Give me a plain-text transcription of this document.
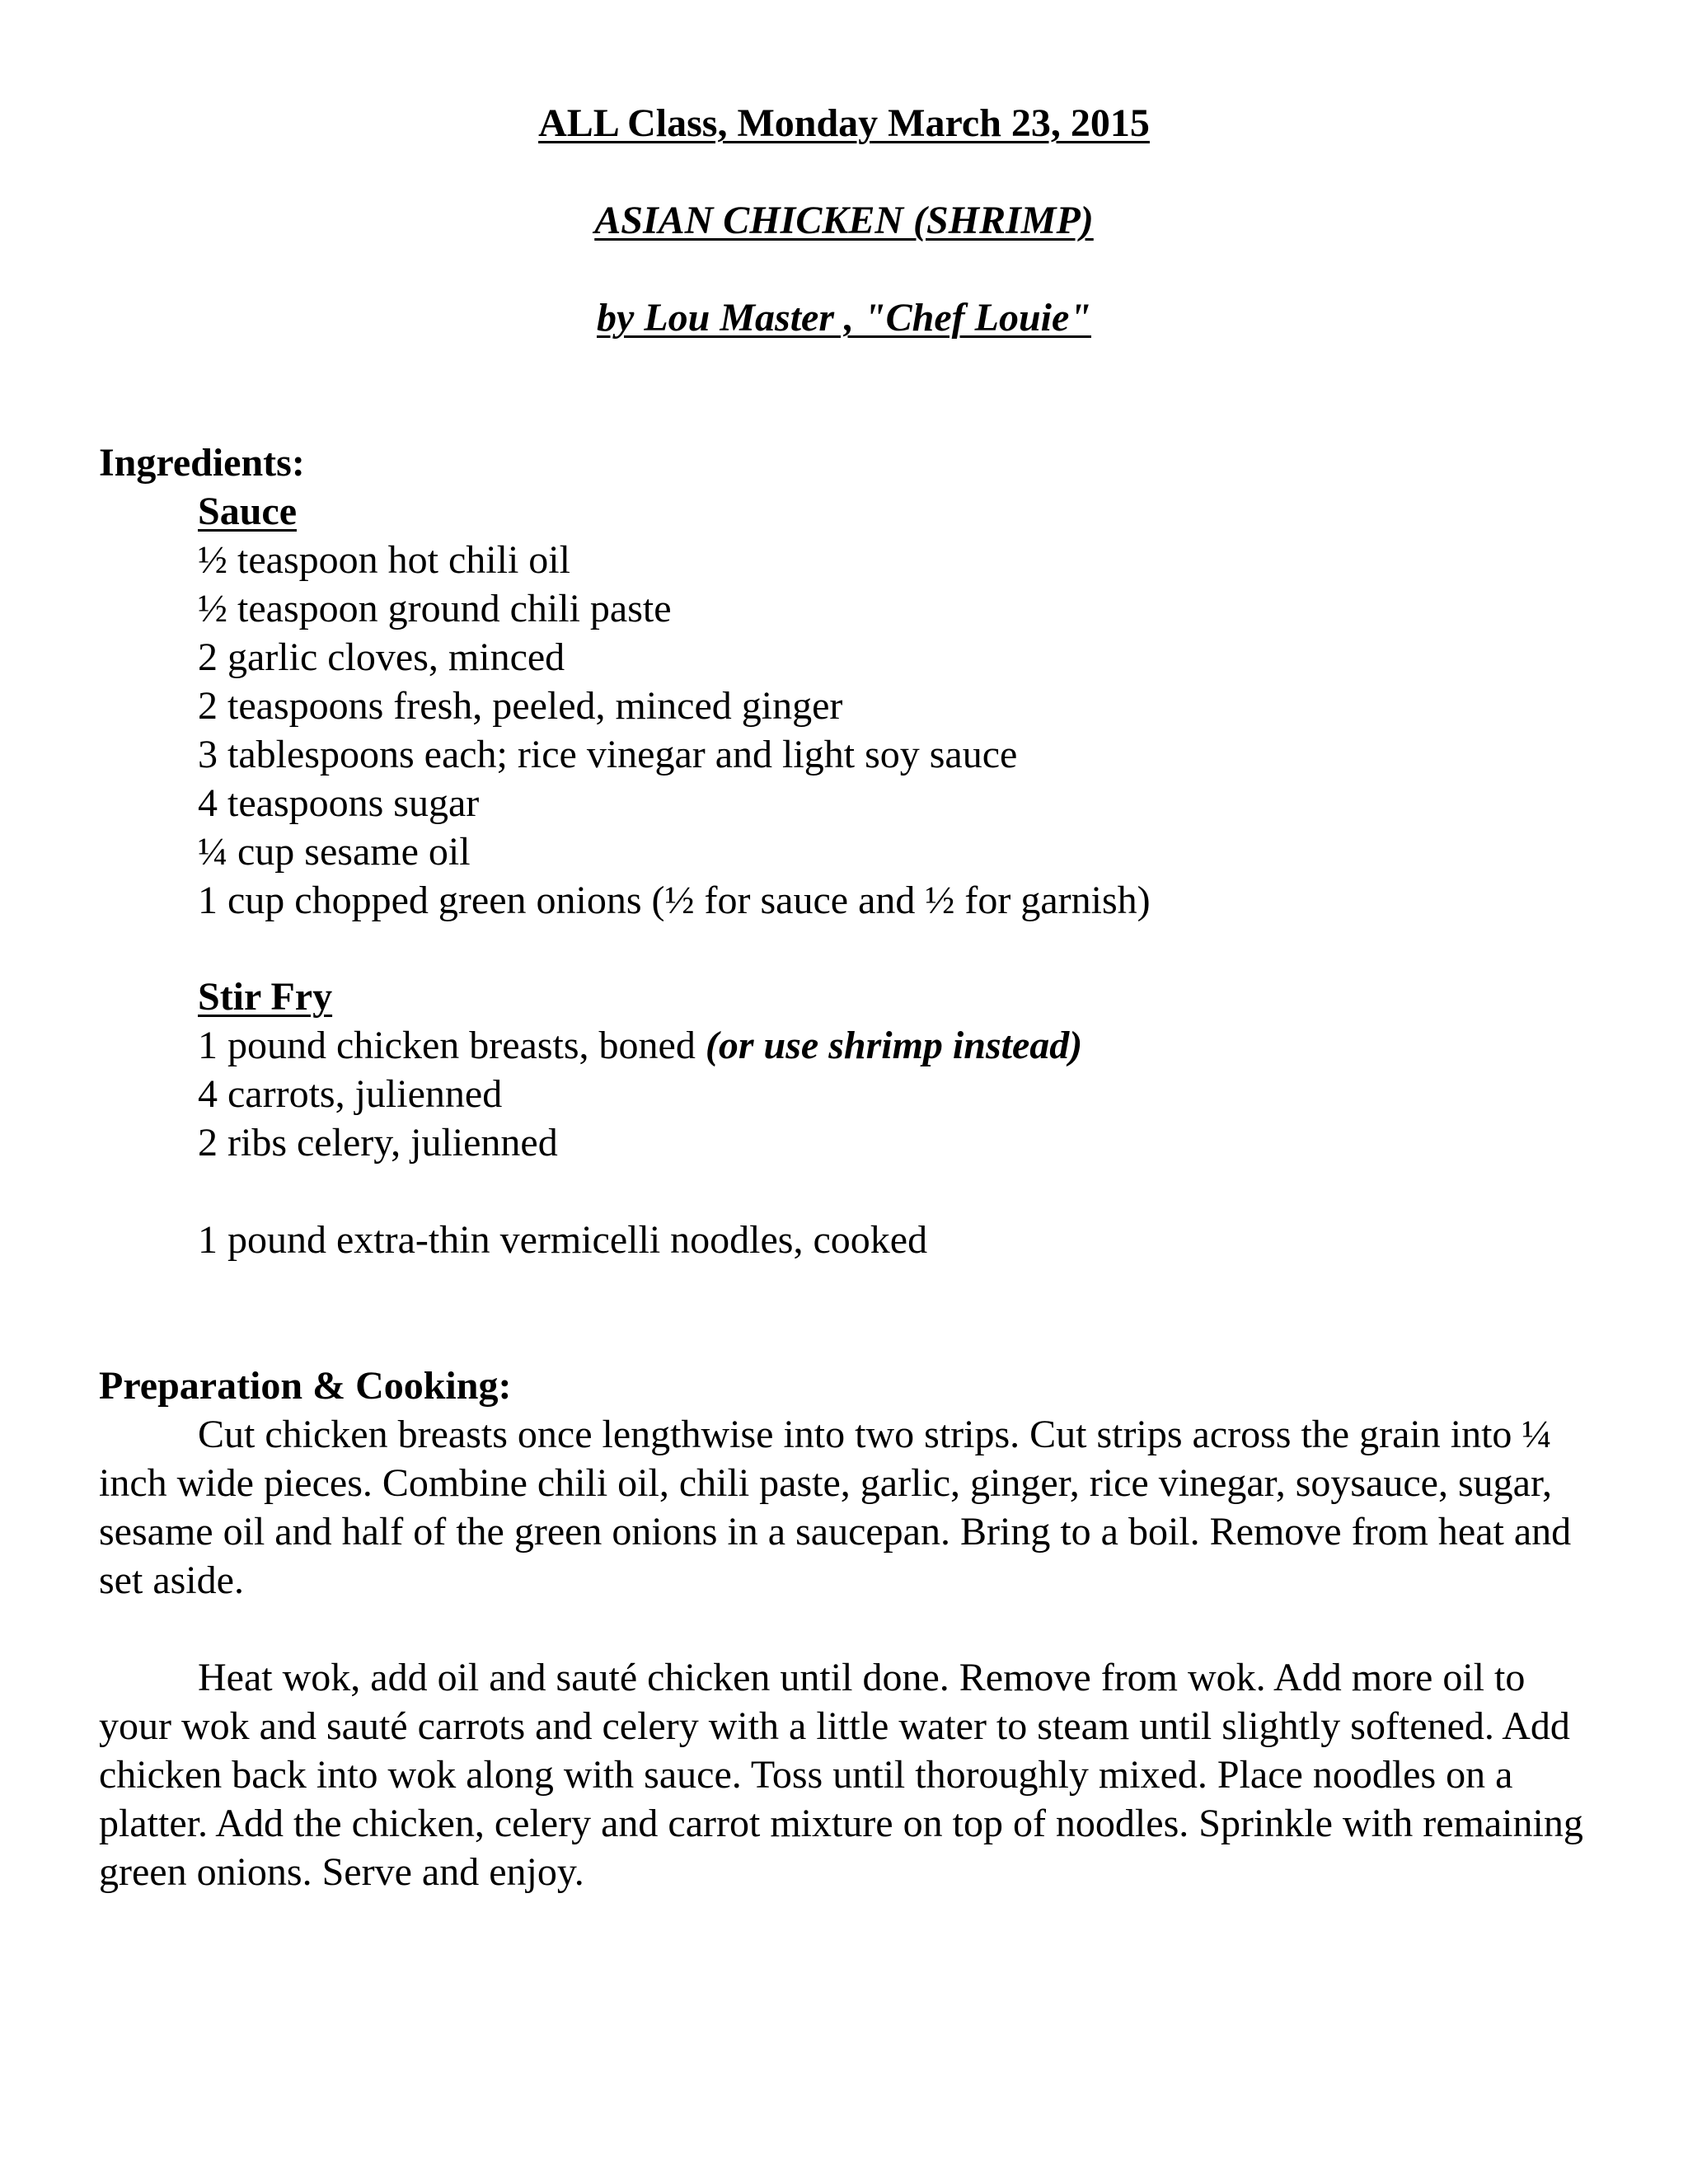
ALL Class, Monday March 23, 2015
ASIAN CHICKEN (SHRIMP)
by Lou Master , "Chef Louie"
Ingredients:
Sauce
½ teaspoon hot chili oil
½ teaspoon ground chili paste
2 garlic cloves, minced
2 teaspoons fresh, peeled, minced ginger
3 tablespoons each; rice vinegar and light soy sauce
4 teaspoons sugar
¼ cup sesame oil
1 cup chopped green onions (½ for sauce and ½ for garnish)
Stir Fry
1 pound chicken breasts, boned (or use shrimp instead)
4 carrots, julienned
2 ribs celery, julienned
1 pound extra-thin vermicelli noodles, cooked
Preparation & Cooking:

Cut chicken breasts once lengthwise into two strips. Cut strips across the grain into ¼ inch wide pieces. Combine chili oil, chili paste, garlic, ginger, rice vinegar, soysauce, sugar, sesame oil and half of the green onions in a saucepan. Bring to a boil. Remove from heat and set aside.

Heat wok, add oil and sauté chicken until done. Remove from wok. Add more oil to your wok and sauté carrots and celery with a little water to steam until slightly softened. Add chicken back into wok along with sauce. Toss until thoroughly mixed. Place noodles on a platter. Add the chicken, celery and carrot mixture on top of noodles. Sprinkle with remaining green onions. Serve and enjoy.
